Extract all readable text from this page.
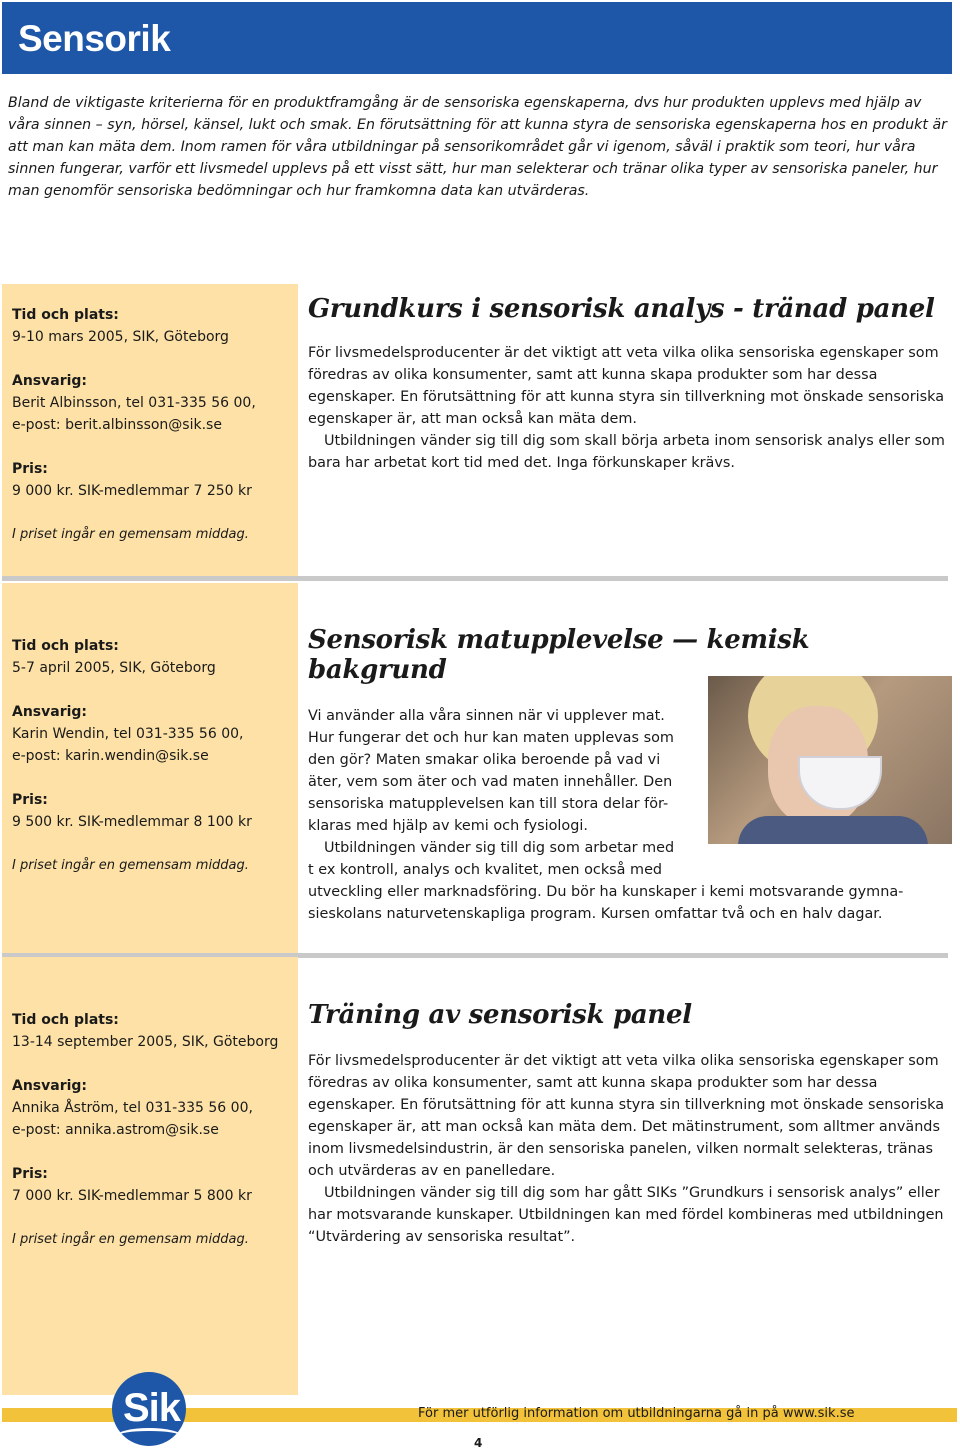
Sensorik

Bland de viktigaste kriterierna för en produktframgång är de sensoriska egenskaperna, dvs hur produkten upplevs med hjälp av våra sinnen – syn, hörsel, känsel, lukt och smak. En förutsättning för att kunna styra de sensoriska egenskaperna hos en produkt är att man kan mäta dem. Inom ramen för våra utbildningar på sensorikområdet går vi igenom, såväl i praktik som teori, hur våra sinnen fungerar, varför ett livsmedel upplevs på ett visst sätt, hur man selekterar och tränar olika typer av sensoriska paneler, hur man genomför sensoriska bedömningar och hur framkomna data kan utvärderas.

Tid och plats:
9-10 mars 2005, SIK, Göteborg
Ansvarig:
Berit Albinsson, tel 031-335 56 00,
e-post: berit.albinsson@sik.se
Pris:
9 000 kr. SIK-medlemmar 7 250 kr
I priset ingår en gemensam middag.
Grundkurs i sensorisk analys - tränad panel

För livsmedelsproducenter är det viktigt att veta vilka olika sensoriska egenskaper som föredras av olika konsumenter, samt att kunna skapa produkter som har dessa egenskaper. En förutsättning för att kunna styra sin tillverkning mot önskade sensoriska egenskaper är, att man också kan mäta dem.

Utbildningen vänder sig till dig som skall börja arbeta inom sensorisk analys eller som bara har arbetat kort tid med det. Inga förkunskaper krävs.

Tid och plats:
5-7 april 2005, SIK, Göteborg
Ansvarig:
Karin Wendin, tel 031-335 56 00,
e-post: karin.wendin@sik.se
Pris:
9 500 kr. SIK-medlemmar 8 100 kr
I priset ingår en gemensam middag.
Sensorisk matupplevelse — kemisk bakgrund

Vi använder alla våra sinnen när vi upplever mat.

Hur fungerar det och hur kan maten upplevas som

den gör? Maten smakar olika beroende på vad vi

äter, vem som äter och vad maten innehåller. Den

sensoriska matupplevelsen kan till stora delar för-

klaras med hjälp av kemi och fysiologi.

Utbildningen vänder sig till dig som arbetar med

t ex kontroll, analys och kvalitet, men också med

utveckling eller marknadsföring. Du bör ha kunskaper i kemi motsvarande gymna-

sieskolans naturvetenskapliga program. Kursen omfattar två och en halv dagar.

Tid och plats:
13-14 september 2005, SIK, Göteborg
Ansvarig:
Annika Åström, tel 031-335 56 00,
e-post: annika.astrom@sik.se
Pris:
7 000 kr. SIK-medlemmar 5 800 kr
I priset ingår en gemensam middag.
Träning av sensorisk panel

För livsmedelsproducenter är det viktigt att veta vilka olika sensoriska egenskaper som föredras av olika konsumenter, samt att kunna skapa produkter som har dessa egenskaper. En förutsättning för att kunna styra sin tillverkning mot önskade sensoriska egenskaper är, att man också kan mäta dem. Det mätinstrument, som alltmer används inom livsmedelsindustrin, är den sensoriska panelen, vilken normalt selekteras, tränas och utvärderas av en panelledare.

Utbildningen vänder sig till dig som har gått SIKs ”Grundkurs i sensorisk analys” eller har motsvarande kunskaper. Utbildningen kan med fördel kombineras med utbildningen “Utvärdering av sensoriska resultat”.

Sik	För mer utförlig information om utbildningarna gå in på www.sik.se
4
